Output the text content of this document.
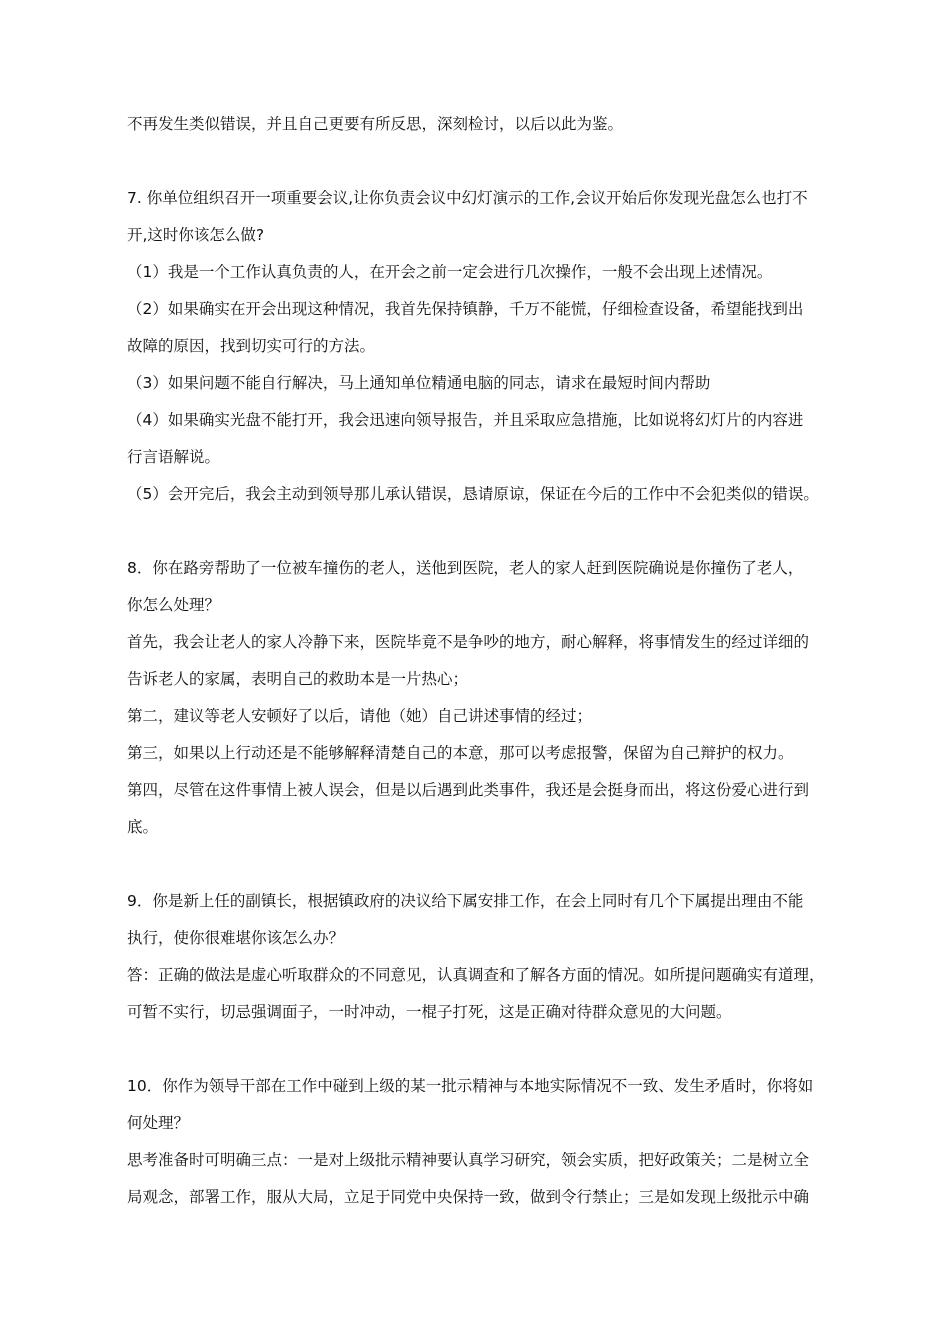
不再发生类似错误，并且自己更要有所反思，深刻检讨，以后以此为鉴。

7. 你单位组织召开一项重要会议,让你负责会议中幻灯演示的工作,会议开始后你发现光盘怎么也打不

开,这时你该怎么做?

（1）我是一个工作认真负责的人，在开会之前一定会进行几次操作，一般不会出现上述情况。

（2）如果确实在开会出现这种情况，我首先保持镇静，千万不能慌，仔细检查设备，希望能找到出

故障的原因，找到切实可行的方法。

（3）如果问题不能自行解决，马上通知单位精通电脑的同志，请求在最短时间内帮助

（4）如果确实光盘不能打开，我会迅速向领导报告，并且采取应急措施，比如说将幻灯片的内容进

行言语解说。

（5）会开完后，我会主动到领导那儿承认错误，恳请原谅，保证在今后的工作中不会犯类似的错误。

8．你在路旁帮助了一位被车撞伤的老人，送他到医院，老人的家人赶到医院确说是你撞伤了老人，

你怎么处理？

首先，我会让老人的家人冷静下来，医院毕竟不是争吵的地方，耐心解释，将事情发生的经过详细的

告诉老人的家属，表明自己的救助本是一片热心；

第二，建议等老人安顿好了以后，请他（她）自己讲述事情的经过；

第三，如果以上行动还是不能够解释清楚自己的本意，那可以考虑报警，保留为自己辩护的权力。

第四，尽管在这件事情上被人误会，但是以后遇到此类事件，我还是会挺身而出，将这份爱心进行到

底。

9．你是新上任的副镇长，根据镇政府的决议给下属安排工作，在会上同时有几个下属提出理由不能

执行，使你很难堪你该怎么办？

答：正确的做法是虚心听取群众的不同意见，认真调查和了解各方面的情况。如所提问题确实有道理，

可暂不实行，切忌强调面子，一时冲动，一棍子打死，这是正确对待群众意见的大问题。

10．你作为领导干部在工作中碰到上级的某一批示精神与本地实际情况不一致、发生矛盾时，你将如

何处理？

思考准备时可明确三点：一是对上级批示精神要认真学习研究，领会实质，把好政策关；二是树立全

局观念，部署工作，服从大局，立足于同党中央保持一致，做到令行禁止；三是如发现上级批示中确
